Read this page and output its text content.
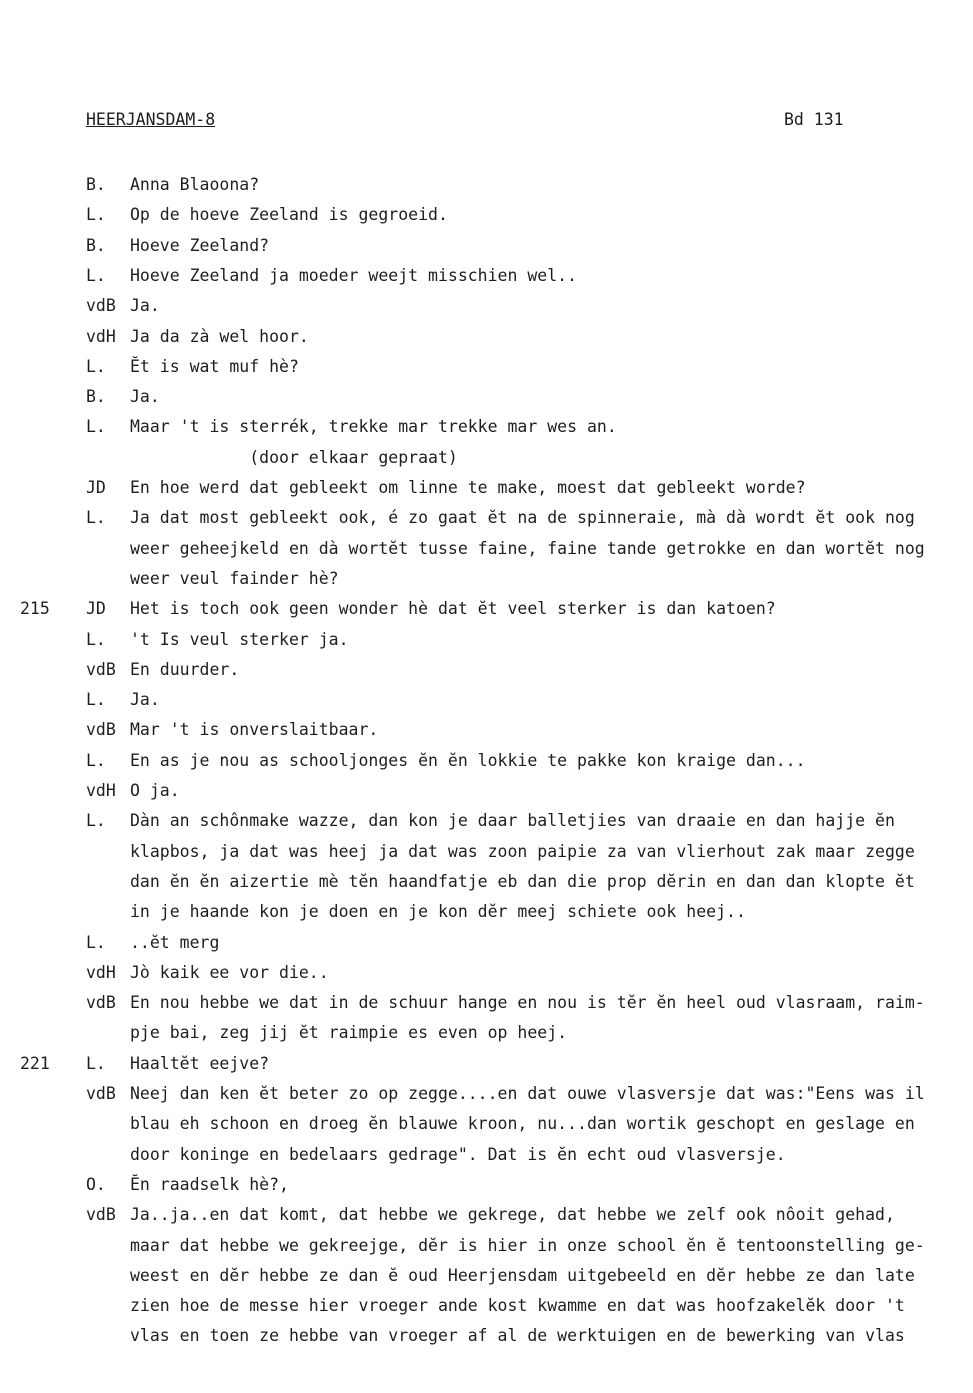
HEERJANSDAM-8	Bd 131
B. Anna Blaoona?
L. Op de hoeve Zeeland is gegroeid.
B. Hoeve Zeeland?
L. Hoeve Zeeland ja moeder weejt misschien wel..
vdB Ja.
vdH Ja da zà wel hoor.
L. Ĕt is wat muf hè?
B. Ja.
L. Maar 't is sterrék, trekke mar trekke mar wes an.
(door elkaar gepraat)
JD En hoe werd dat gebleekt om linne te make, moest dat gebleekt worde?
L. Ja dat most gebleekt ook, é zo gaat ĕt na de spinneraie, mà dà wordt ĕt ook nog
weer geheejkeld en dà wortĕt tusse faine, faine tande getrokke en dan wortĕt nog
weer veul fainder hè?
215 JD Het is toch ook geen wonder hè dat ĕt veel sterker is dan katoen?
L. 't Is veul sterker ja.
vdB En duurder.
L. Ja.
vdB Mar 't is onverslaitbaar.
L. En as je nou as schooljonges ĕn ĕn lokkie te pakke kon kraige dan...
vdH O ja.
L. Dàn an schônmake wazze, dan kon je daar balletjies van draaie en dan hajje ĕn
klapbos, ja dat was heej ja dat was zoon paipie za van vlierhout zak maar zegge
dan ĕn ĕn aizertie mè tĕn haandfatje eb dan die prop dĕrin en dan dan klopte ĕt
in je haande kon je doen en je kon dĕr meej schiete ook heej..
L. ..ĕt merg
vdH Jò kaik ee vor die..
vdB En nou hebbe we dat in de schuur hange en nou is tĕr ĕn heel oud vlasraam, raim-
pje bai, zeg jij ĕt raimpie es even op heej.
221 L. Haaltĕt eejve?
vdB Neej dan ken ĕt beter zo op zegge....en dat ouwe vlasversje dat was:"Eens was il
blau eh schoon en droeg ĕn blauwe kroon, nu...dan wortik geschopt en geslage en
door koninge en bedelaars gedrage". Dat is ĕn echt oud vlasversje.
O. Ĕn raadselk hè?,
vdB Ja..ja..en dat komt, dat hebbe we gekrege, dat hebbe we zelf ook nôoit gehad,
maar dat hebbe we gekreejge, dĕr is hier in onze school ĕn ĕ tentoonstelling ge-
weest en dĕr hebbe ze dan ĕ oud Heerjensdam uitgebeeld en dĕr hebbe ze dan late
zien hoe de messe hier vroeger ande kost kwamme en dat was hoofzakelĕk door 't
vlas en toen ze hebbe van vroeger af al de werktuigen en de bewerking van vlas
